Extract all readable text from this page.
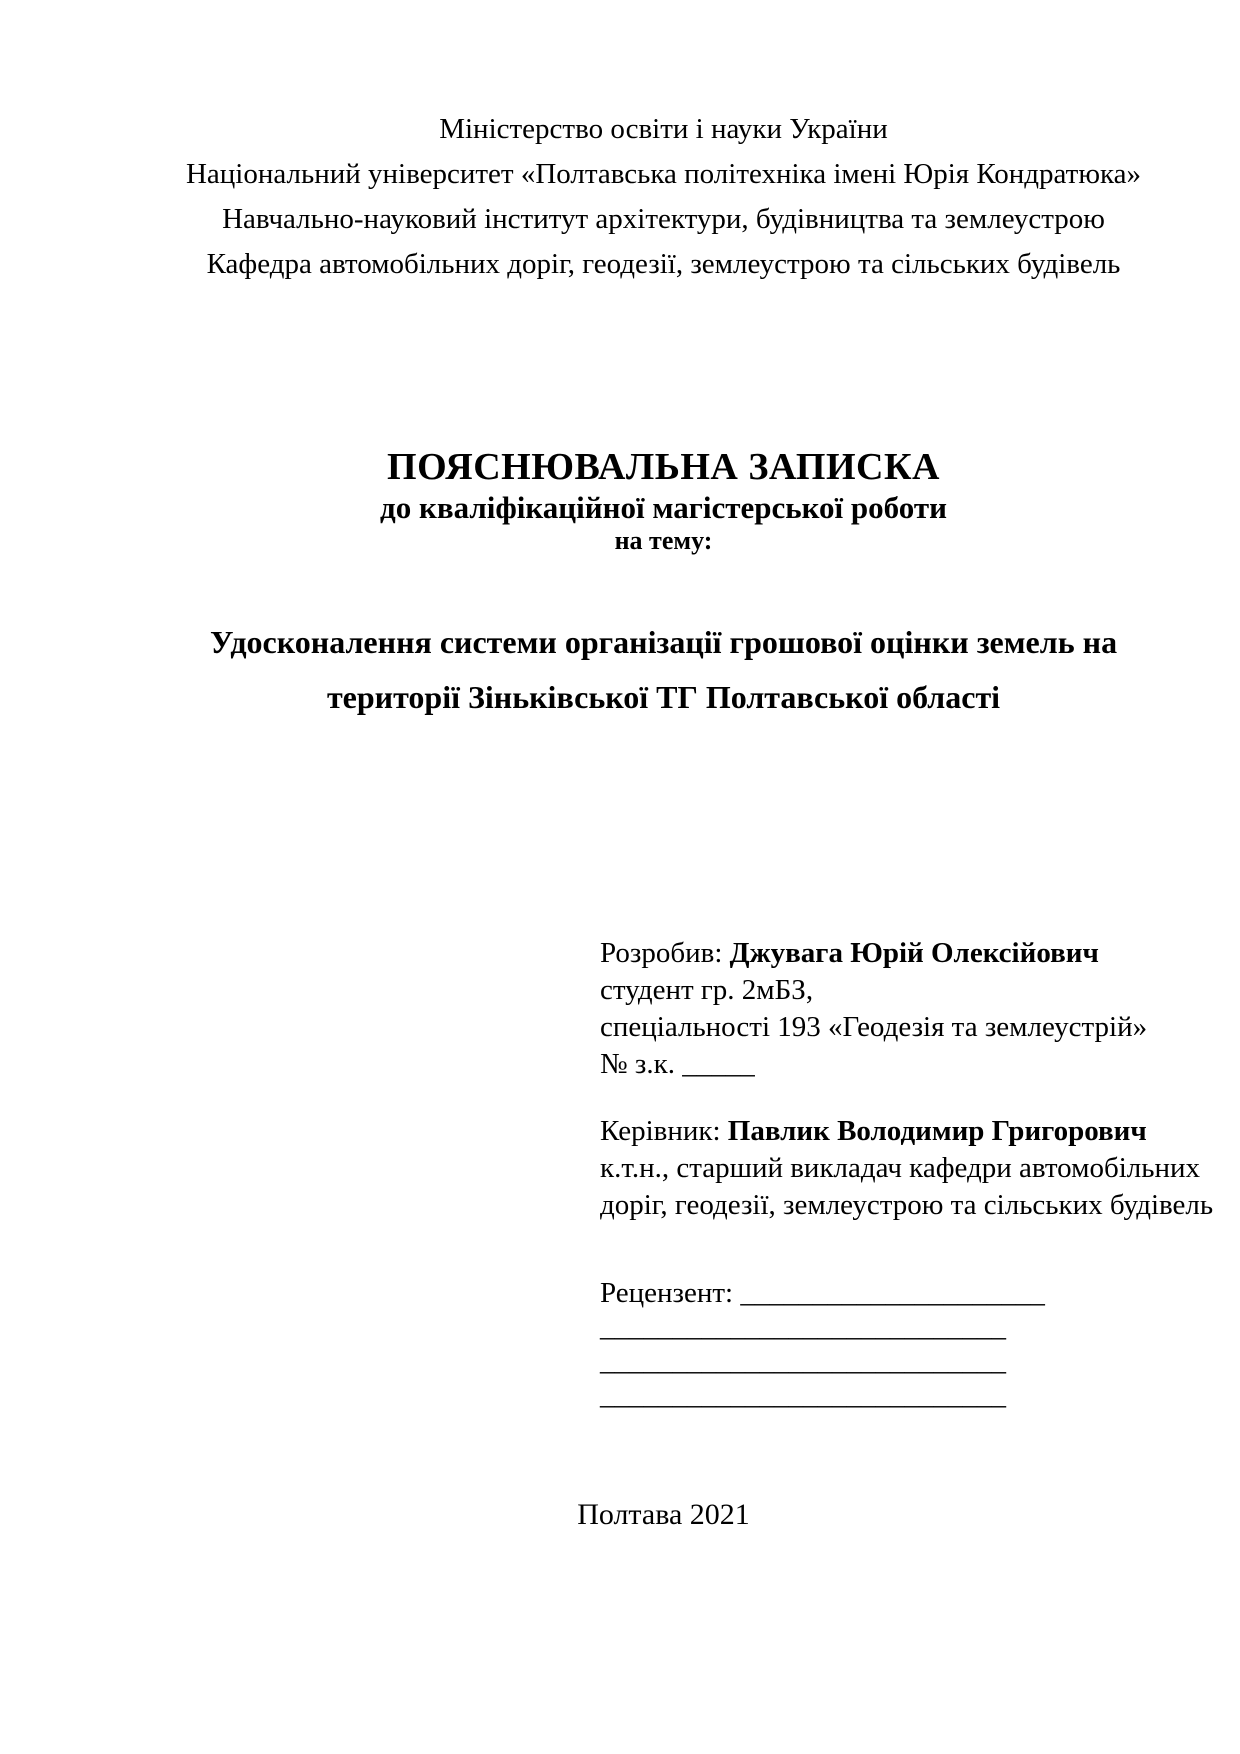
Міністерство освіти і науки України
Національний університет «Полтавська політехніка імені Юрія Кондратюка»
Навчально-науковий інститут архітектури, будівництва та землеустрою
Кафедра автомобільних доріг, геодезії, землеустрою та сільських будівель
ПОЯСНЮВАЛЬНА ЗАПИСКА
до кваліфікаційної магістерської роботи
на тему:
Удосконалення системи організації грошової оцінки земель на
території Зіньківської ТГ Полтавської області
Розробив: Джувага Юрій Олексійович
студент гр. 2мБЗ,
спеціальності 193 «Геодезія та землеустрій»
№ з.к. _____
Керівник: Павлик Володимир Григорович
к.т.н., старший викладач кафедри автомобільних
доріг, геодезії, землеустрою та сільських будівель
Рецензент: _____________________
____________________________
____________________________
____________________________
Полтава 2021
